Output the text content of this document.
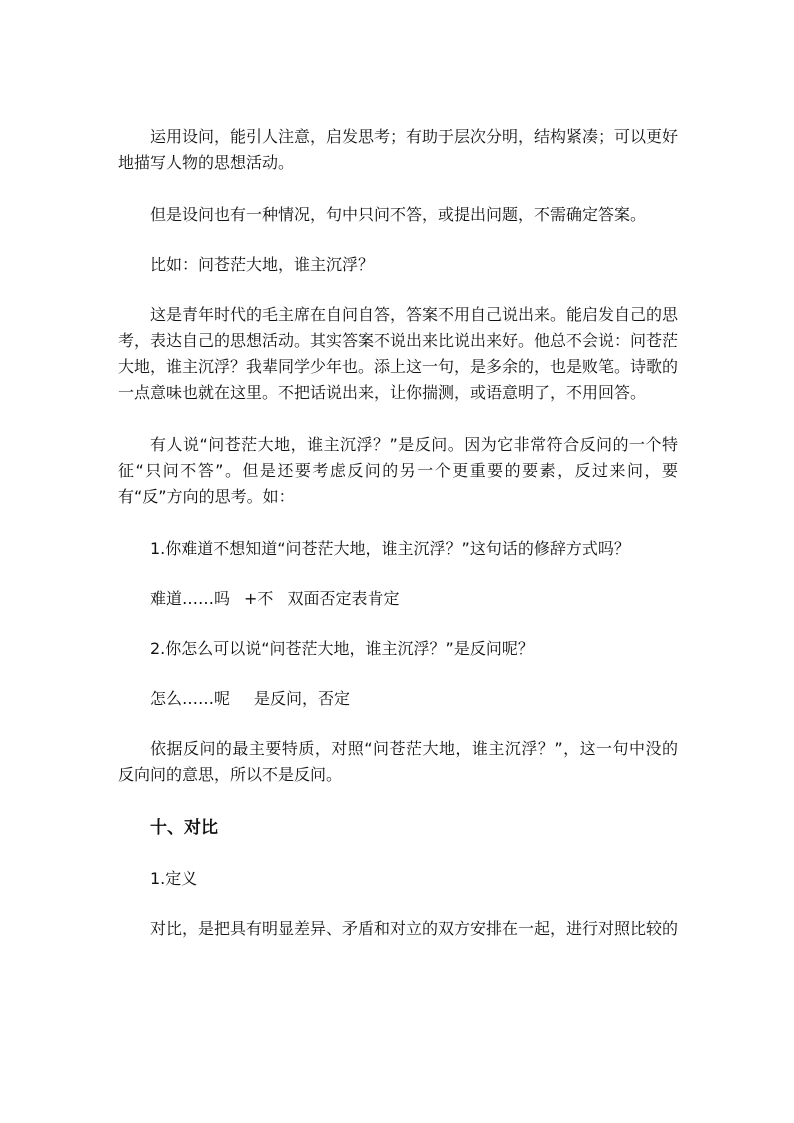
运用设问，能引人注意，启发思考；有助于层次分明，结构紧凑；可以更好地描写人物的思想活动。

但是设问也有一种情况，句中只问不答，或提出问题，不需确定答案。

比如：问苍茫大地，谁主沉浮？

这是青年时代的毛主席在自问自答，答案不用自己说出来。能启发自己的思考，表达自己的思想活动。其实答案不说出来比说出来好。他总不会说：问苍茫大地，谁主沉浮？我辈同学少年也。添上这一句，是多余的，也是败笔。诗歌的一点意味也就在这里。不把话说出来，让你揣测，或语意明了，不用回答。

有人说“问苍茫大地，谁主沉浮？”是反问。因为它非常符合反问的一个特征“只问不答”。但是还要考虑反问的另一个更重要的要素，反过来问，要有“反”方向的思考。如：

1.你难道不想知道“问苍茫大地，谁主沉浮？”这句话的修辞方式吗？

难道……吗 +不 双面否定表肯定

2.你怎么可以说“问苍茫大地，谁主沉浮？”是反问呢？

怎么……呢 是反问，否定

依据反问的最主要特质，对照“问苍茫大地，谁主沉浮？”，这一句中没的反向问的意思，所以不是反问。

十、对比

1.定义

对比，是把具有明显差异、矛盾和对立的双方安排在一起，进行对照比较的
